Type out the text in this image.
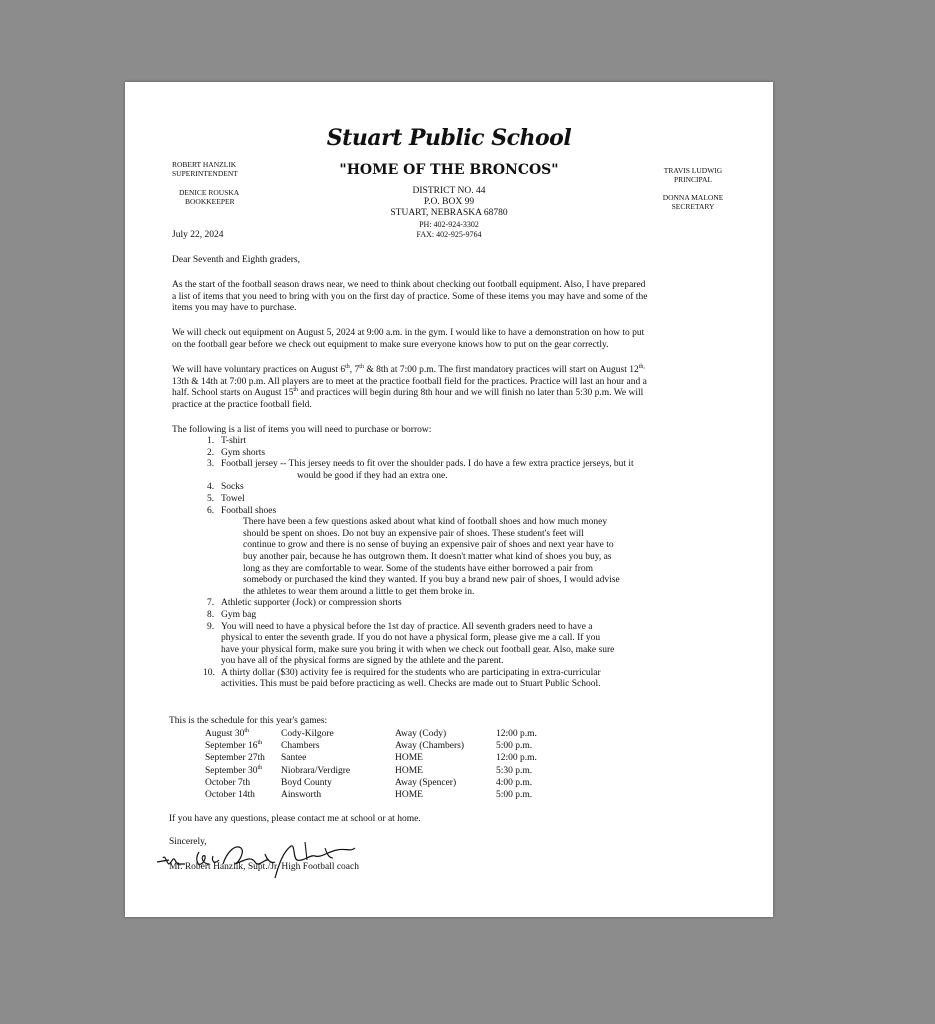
Stuart Public School
"HOME OF THE BRONCOS"
ROBERT HANZLIK
SUPERINTENDENT
DENICE ROUSKA
BOOKKEEPER
TRAVIS LUDWIG
PRINCIPAL
DONNA MALONE
SECRETARY
DISTRICT NO. 44
P.O. BOX 99
STUART, NEBRASKA 68780
PH: 402-924-3302
FAX: 402-925-9764
July 22, 2024
Dear Seventh and Eighth graders,
As the start of the football season draws near, we need to think about checking out football equipment. Also, I have prepared
a list of items that you need to bring with you on the first day of practice. Some of these items you may have and some of the
items you may have to purchase.
We will check out equipment on August 5, 2024 at 9:00 a.m. in the gym. I would like to have a demonstration on how to put
on the football gear before we check out equipment to make sure everyone knows how to put on the gear correctly.
We will have voluntary practices on August 6th, 7th & 8th at 7:00 p.m. The first mandatory practices will start on August $12^{th,}$
13th & 14th at 7:00 p.m. All players are to meet at the practice football field for the practices. Practice will last an hour and a
half. School starts on August 15th and practices will begin during 8th hour and we will finish no later than 5:30 p.m. We will
practice at the practice football field.
The following is a list of items you will need to purchase or borrow:
1. T-shirt
2. Gym shorts
3. Football jersey -- This jersey needs to fit over the shoulder pads. I do have a few extra practice jerseys, but it
would be good if they had an extra one.
4. Socks
5. Towel
6. Football shoes
There have been a few questions asked about what kind of football shoes and how much money
should be spent on shoes. Do not buy an expensive pair of shoes. These student's feet will
continue to grow and there is no sense of buying an expensive pair of shoes and next year have to
buy another pair, because he has outgrown them. It doesn't matter what kind of shoes you buy, as
long as they are comfortable to wear. Some of the students have either borrowed a pair from
somebody or purchased the kind they wanted. If you buy a brand new pair of shoes, I would advise
the athletes to wear them around a little to get them broke in.
7. Athletic supporter (Jock) or compression shorts
8. Gym bag
9. You will need to have a physical before the 1st day of practice. All seventh graders need to have a
physical to enter the seventh grade. If you do not have a physical form, please give me a call. If you
have your physical form, make sure you bring it with when we check out football gear. Also, make sure
you have all of the physical forms are signed by the athlete and the parent.
10. A thirty dollar ($30) activity fee is required for the students who are participating in extra-curricular
activities. This must be paid before practicing as well. Checks are made out to Stuart Public School.
This is the schedule for this year's games:
August 30th	Cody-Kilgore	Away (Cody)	12:00 p.m.
September 16th	Chambers	Away (Chambers)	5:00 p.m.
September 27th	Santee	HOME	12:00 p.m.
September 30th	Niobrara/Verdigre	HOME	5:30 p.m.
October 7th	Boyd County	Away (Spencer)	4:00 p.m.
October 14th	Ainsworth	HOME	5:00 p.m.
If you have any questions, please contact me at school or at home.
Sincerely,
Mr. Robert Hanzlik, Supt./Jr. High Football coach
